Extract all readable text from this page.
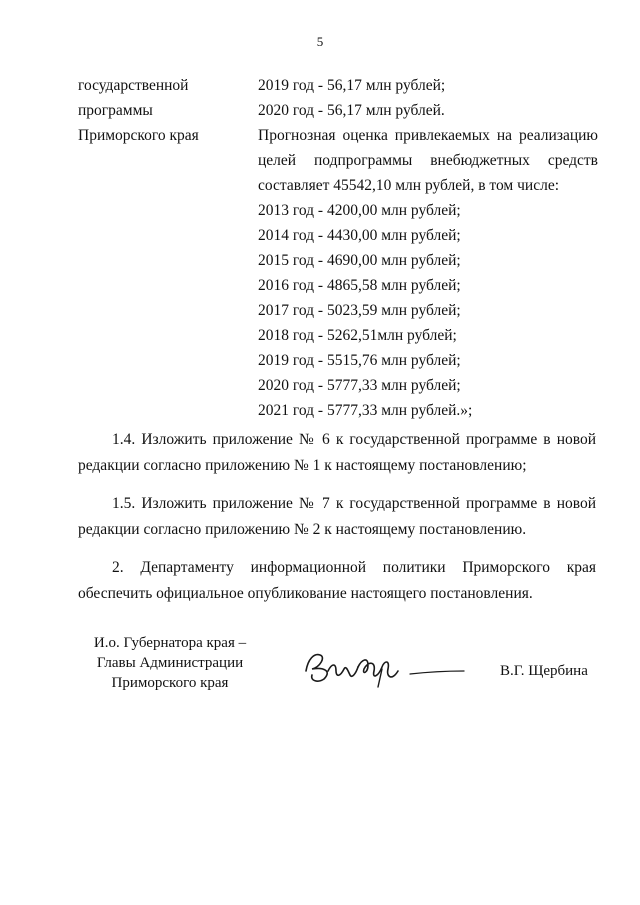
5
государственной
программы
Приморского края
2019 год - 56,17 млн рублей;
2020 год - 56,17 млн рублей.
Прогнозная оценка привлекаемых на реализацию
целей подпрограммы внебюджетных средств
составляет 45542,10 млн рублей, в том числе:
2013 год - 4200,00 млн рублей;
2014 год - 4430,00 млн рублей;
2015 год - 4690,00 млн рублей;
2016 год - 4865,58 млн рублей;
2017 год - 5023,59 млн рублей;
2018 год - 5262,51млн рублей;
2019 год - 5515,76 млн рублей;
2020 год - 5777,33 млн рублей;
2021 год - 5777,33 млн рублей.»;

1.4. Изложить приложение № 6 к государственной программе в новой

редакции согласно приложению № 1 к настоящему постановлению;

1.5. Изложить приложение № 7 к государственной программе в новой

редакции согласно приложению № 2 к настоящему постановлению.

2. Департаменту информационной политики Приморского края

обеспечить официальное опубликование настоящего постановления.

И.о. Губернатора края –
Главы Администрации
Приморского края
В.Г. Щербина
